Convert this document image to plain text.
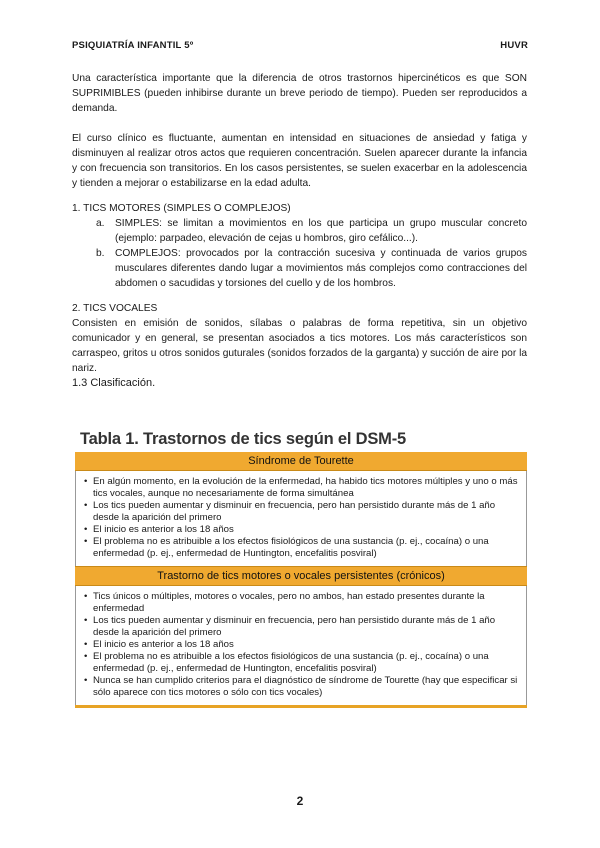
PSIQUIATRÍA INFANTIL 5º	HUVR

Una característica importante que la diferencia de otros trastornos hipercinéticos es que SON SUPRIMIBLES (pueden inhibirse durante un breve periodo de tiempo). Pueden ser reproducidos a demanda.

El curso clínico es fluctuante, aumentan en intensidad en situaciones de ansiedad y fatiga y disminuyen al realizar otros actos que requieren concentración. Suelen aparecer durante la infancia y con frecuencia son transitorios. En los casos persistentes, se suelen exacerbar en la adolescencia y tienden a mejorar o estabilizarse en la edad adulta.

1. TICS MOTORES (SIMPLES O COMPLEJOS)

a. SIMPLES: se limitan a movimientos en los que participa un grupo muscular concreto (ejemplo: parpadeo, elevación de cejas u hombros, giro cefálico...).
b. COMPLEJOS: provocados por la contracción sucesiva y continuada de varios grupos musculares diferentes dando lugar a movimientos más complejos como contracciones del abdomen o sacudidas y torsiones del cuello y de los hombros.

2. TICS VOCALES

Consisten en emisión de sonidos, sílabas o palabras de forma repetitiva, sin un objetivo comunicador y en general, se presentan asociados a tics motores. Los más característicos son carraspeo, gritos u otros sonidos guturales (sonidos forzados de la garganta) y succión de aire por la nariz.

1.3 Clasificación.

Tabla 1. Trastornos de tics según el DSM-5
Síndrome de Tourette
• En algún momento, en la evolución de la enfermedad, ha habido tics motores múltiples y uno o más tics vocales, aunque no necesariamente de forma simultánea
• Los tics pueden aumentar y disminuir en frecuencia, pero han persistido durante más de 1 año desde la aparición del primero
• El inicio es anterior a los 18 años
• El problema no es atribuible a los efectos fisiológicos de una sustancia (p. ej., cocaína) o una enfermedad (p. ej., enfermedad de Huntington, encefalitis posviral)
Trastorno de tics motores o vocales persistentes (crónicos)
• Tics únicos o múltiples, motores o vocales, pero no ambos, han estado presentes durante la enfermedad
• Los tics pueden aumentar y disminuir en frecuencia, pero han persistido durante más de 1 año desde la aparición del primero
• El inicio es anterior a los 18 años
• El problema no es atribuible a los efectos fisiológicos de una sustancia (p. ej., cocaína) o una enfermedad (p. ej., enfermedad de Huntington, encefalitis posviral)
• Nunca se han cumplido criterios para el diagnóstico de síndrome de Tourette (hay que especificar si sólo aparece con tics motores o sólo con tics vocales)
2
